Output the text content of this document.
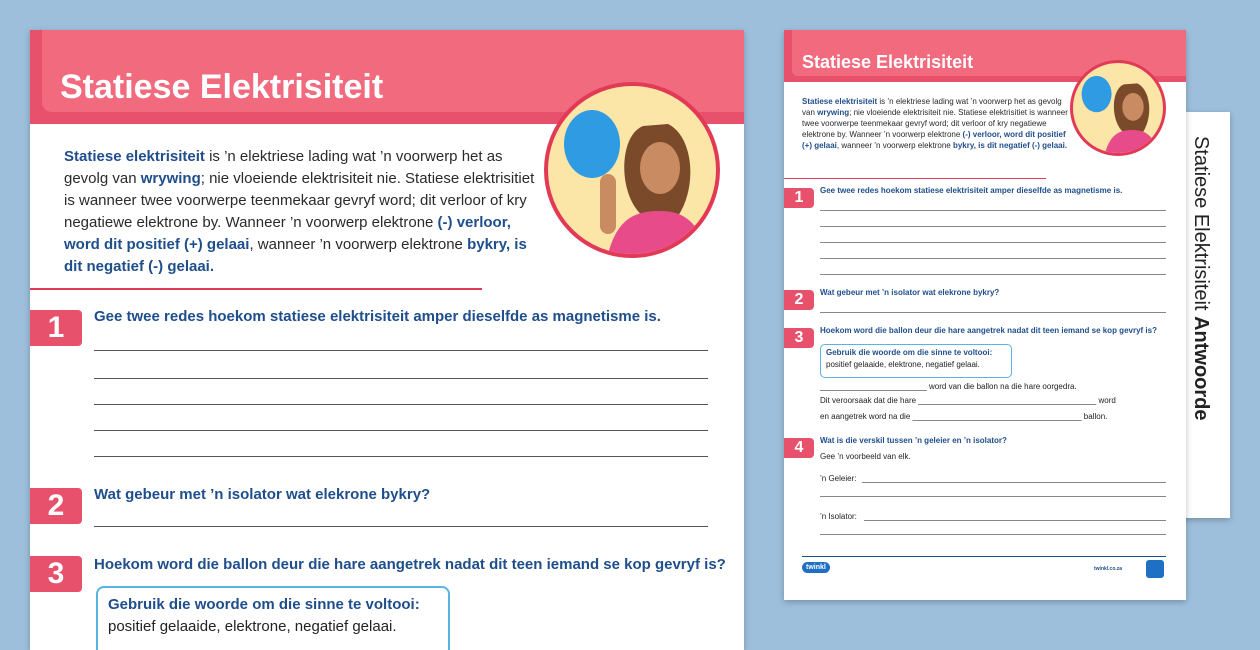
Statiese Elektrisiteit
Statiese elektrisiteit is ’n elektriese lading wat ’n voorwerp het as gevolg van wrywing; nie vloeiende elektrisiteit nie. Statiese elektrisitiet is wanneer twee voorwerpe teenmekaar gevryf word; dit verloor of kry negatiewe elektrone by. Wanneer ’n voorwerp elektrone (-) verloor, word dit positief (+) gelaai, wanneer ’n voorwerp elektrone bykry, is dit negatief (-) gelaai.
1	Gee twee redes hoekom statiese elektrisiteit amper dieselfde as magnetisme is.
2	Wat gebeur met ’n isolator wat elekrone bykry?
3	Hoekom word die ballon deur die hare aangetrek nadat dit teen iemand se kop gevryf is?
Gebruik die woorde om die sinne te voltooi:
positief gelaaide, elektrone, negatief gelaai.
Statiese Elektrisiteit Antwoorde
Statiese Elektrisiteit
Statiese elektrisiteit is ’n elektriese lading wat ’n voorwerp het as gevolg van wrywing; nie vloeiende elektrisiteit nie. Statiese elektrisitiet is wanneer twee voorwerpe teenmekaar gevryf word; dit verloor of kry negatiewe elektrone by. Wanneer ’n voorwerp elektrone (-) verloor, word dit positief (+) gelaai, wanneer ’n voorwerp elektrone bykry, is dit negatief (-) gelaai.
1	Gee twee redes hoekom statiese elektrisiteit amper dieselfde as magnetisme is.
2	Wat gebeur met ’n isolator wat elekrone bykry?
3	Hoekom word die ballon deur die hare aangetrek nadat dit teen iemand se kop gevryf is?
Gebruik die woorde om die sinne te voltooi:
positief gelaaide, elektrone, negatief gelaai.
________________________ word van die ballon na die hare oorgedra.
Dit veroorsaak dat die hare ________________________________________ word
en aangetrek word na die ______________________________________ ballon.
4	Wat is die verskil tussen ’n geleier en ’n isolator?
Gee ’n voorbeeld van elk.
’n Geleier:
’n Isolator:
twinkl	twinkl.co.za
